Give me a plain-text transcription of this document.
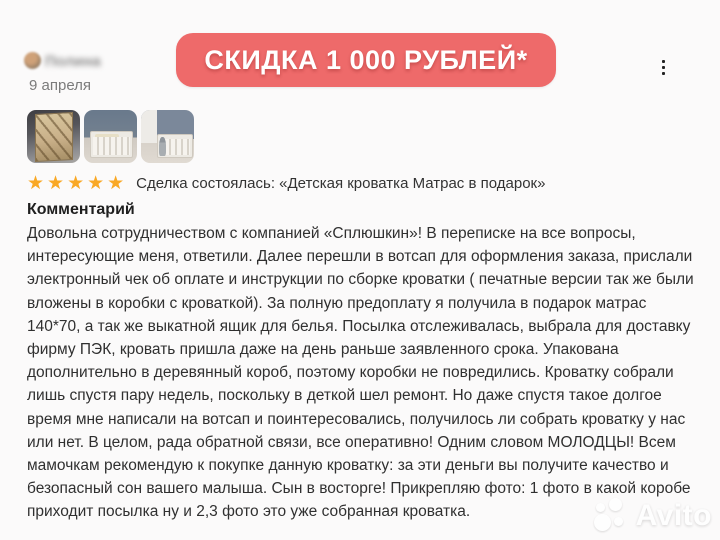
Полина
9 апреля
СКИДКА 1 000 РУБЛЕЙ*
★★★★★ Сделка состоялась: «Детская кроватка Матрас в подарок»
Комментарий
Довольна сотрудничеством с компанией «Сплюшкин»! В переписке на все вопросы, интересующие меня, ответили. Далее перешли в вотсап для оформления заказа, прислали электронный чек об оплате и инструкции по сборке кроватки ( печатные версии так же были вложены в коробки с кроваткой). За полную предоплату я получила в подарок матрас 140*70, а так же выкатной ящик для белья. Посылка отслеживалась, выбрала для доставку фирму ПЭК, кровать пришла даже на день раньше заявленного срока. Упакована дополнительно в деревянный короб, поэтому коробки не повредились. Кроватку собрали лишь спустя пару недель, поскольку в деткой шел ремонт. Но даже спустя такое долгое время мне написали на вотсап и поинтересовались, получилось ли собрать кроватку у нас или нет. В целом, рада обратной связи, все оперативно! Одним словом МОЛОДЦЫ! Всем мамочкам рекомендую к покупке данную кроватку: за эти деньги вы получите качество и безопасный сон вашего малыша. Сын в восторге! Прикрепляю фото: 1 фото в какой коробе приходит посылка ну и 2,3 фото это уже собранная кроватка.	Avito
